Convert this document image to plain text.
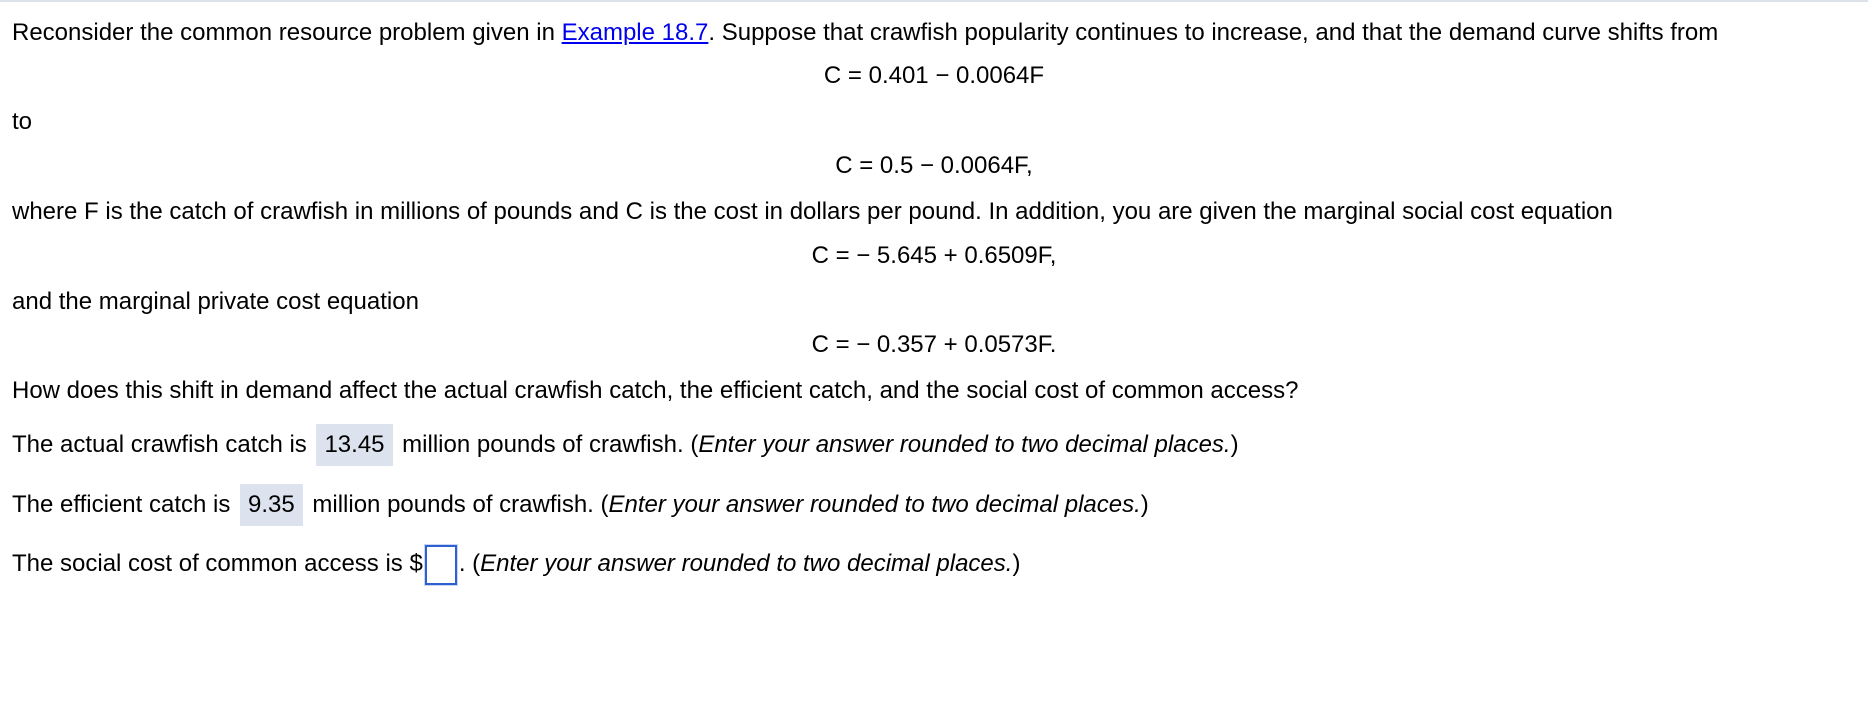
Reconsider the common resource problem given in Example 18.7. Suppose that crawfish popularity continues to increase, and that the demand curve shifts from
C = 0.401 − 0.0064F
to
C = 0.5 − 0.0064F,
where F is the catch of crawfish in millions of pounds and C is the cost in dollars per pound. In addition, you are given the marginal social cost equation
C = − 5.645 + 0.6509F,
and the marginal private cost equation
C = − 0.357 + 0.0573F.
How does this shift in demand affect the actual crawfish catch, the efficient catch, and the social cost of common access?
The actual crawfish catch is 13.45 million pounds of crawfish. (Enter your answer rounded to two decimal places.)
The efficient catch is 9.35 million pounds of crawfish. (Enter your answer rounded to two decimal places.)
The social cost of common access is $ . (Enter your answer rounded to two decimal places.)
